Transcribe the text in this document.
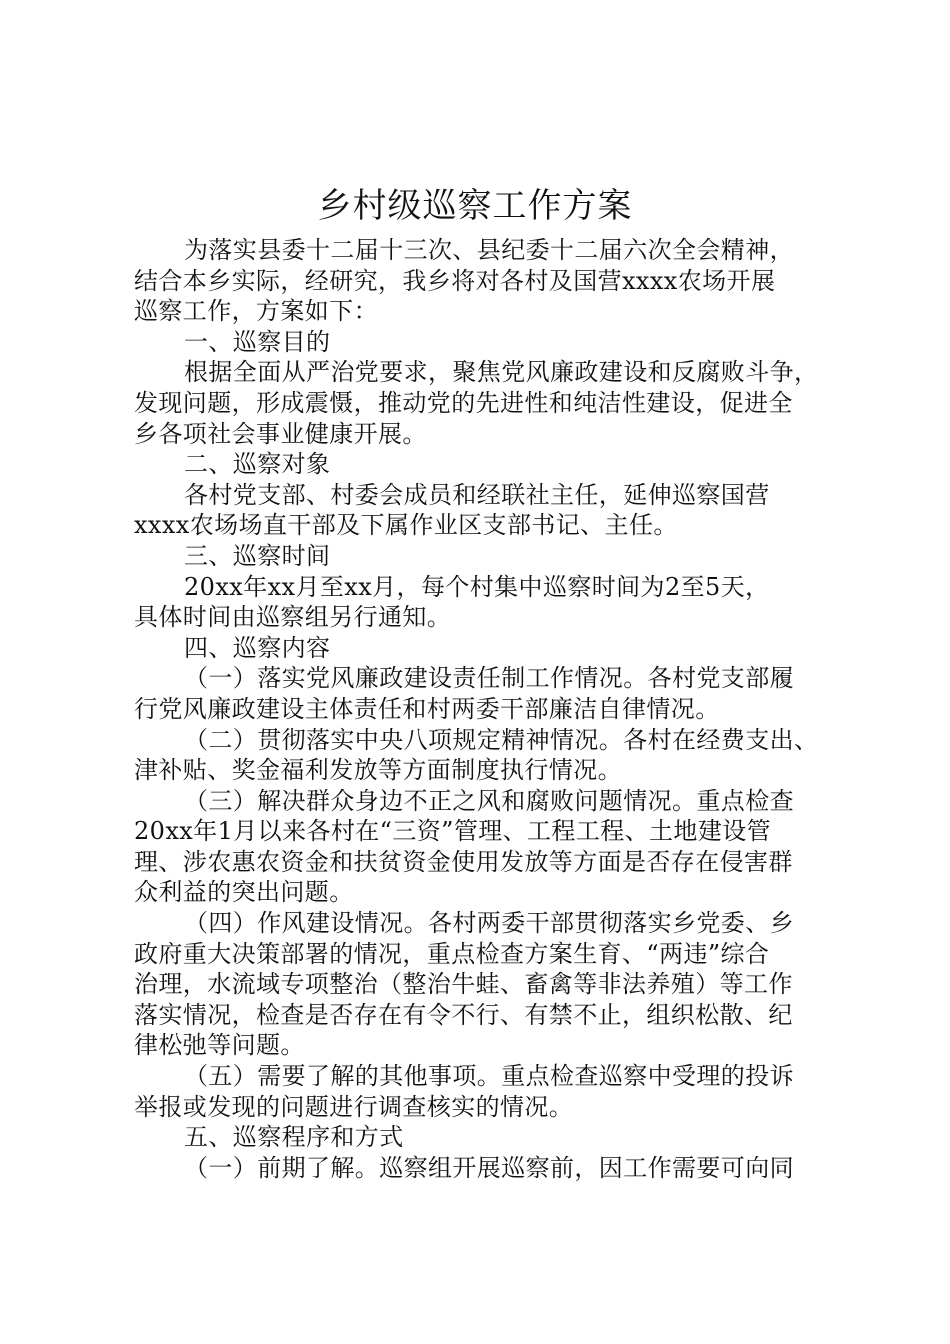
乡村级巡察工作方案
为落实县委十二届十三次、县纪委十二届六次全会精神，
结合本乡实际，经研究，我乡将对各村及国营xxxx农场开展
巡察工作，方案如下：
一、巡察目的
根据全面从严治党要求，聚焦党风廉政建设和反腐败斗争，
发现问题，形成震慑，推动党的先进性和纯洁性建设，促进全
乡各项社会事业健康开展。
二、巡察对象
各村党支部、村委会成员和经联社主任，延伸巡察国营
xxxx农场场直干部及下属作业区支部书记、主任。
三、巡察时间
20xx年xx月至xx月，每个村集中巡察时间为2至5天，
具体时间由巡察组另行通知。
四、巡察内容
（一）落实党风廉政建设责任制工作情况。各村党支部履
行党风廉政建设主体责任和村两委干部廉洁自律情况。
（二）贯彻落实中央八项规定精神情况。各村在经费支出、
津补贴、奖金福利发放等方面制度执行情况。
（三）解决群众身边不正之风和腐败问题情况。重点检查
20xx年1月以来各村在“三资”管理、工程工程、土地建设管
理、涉农惠农资金和扶贫资金使用发放等方面是否存在侵害群
众利益的突出问题。
（四）作风建设情况。各村两委干部贯彻落实乡党委、乡
政府重大决策部署的情况，重点检查方案生育、“两违”综合
治理，水流域专项整治（整治牛蛙、畜禽等非法养殖）等工作
落实情况，检查是否存在有令不行、有禁不止，组织松散、纪
律松弛等问题。
（五）需要了解的其他事项。重点检查巡察中受理的投诉
举报或发现的问题进行调查核实的情况。
五、巡察程序和方式
（一）前期了解。巡察组开展巡察前，因工作需要可向同
